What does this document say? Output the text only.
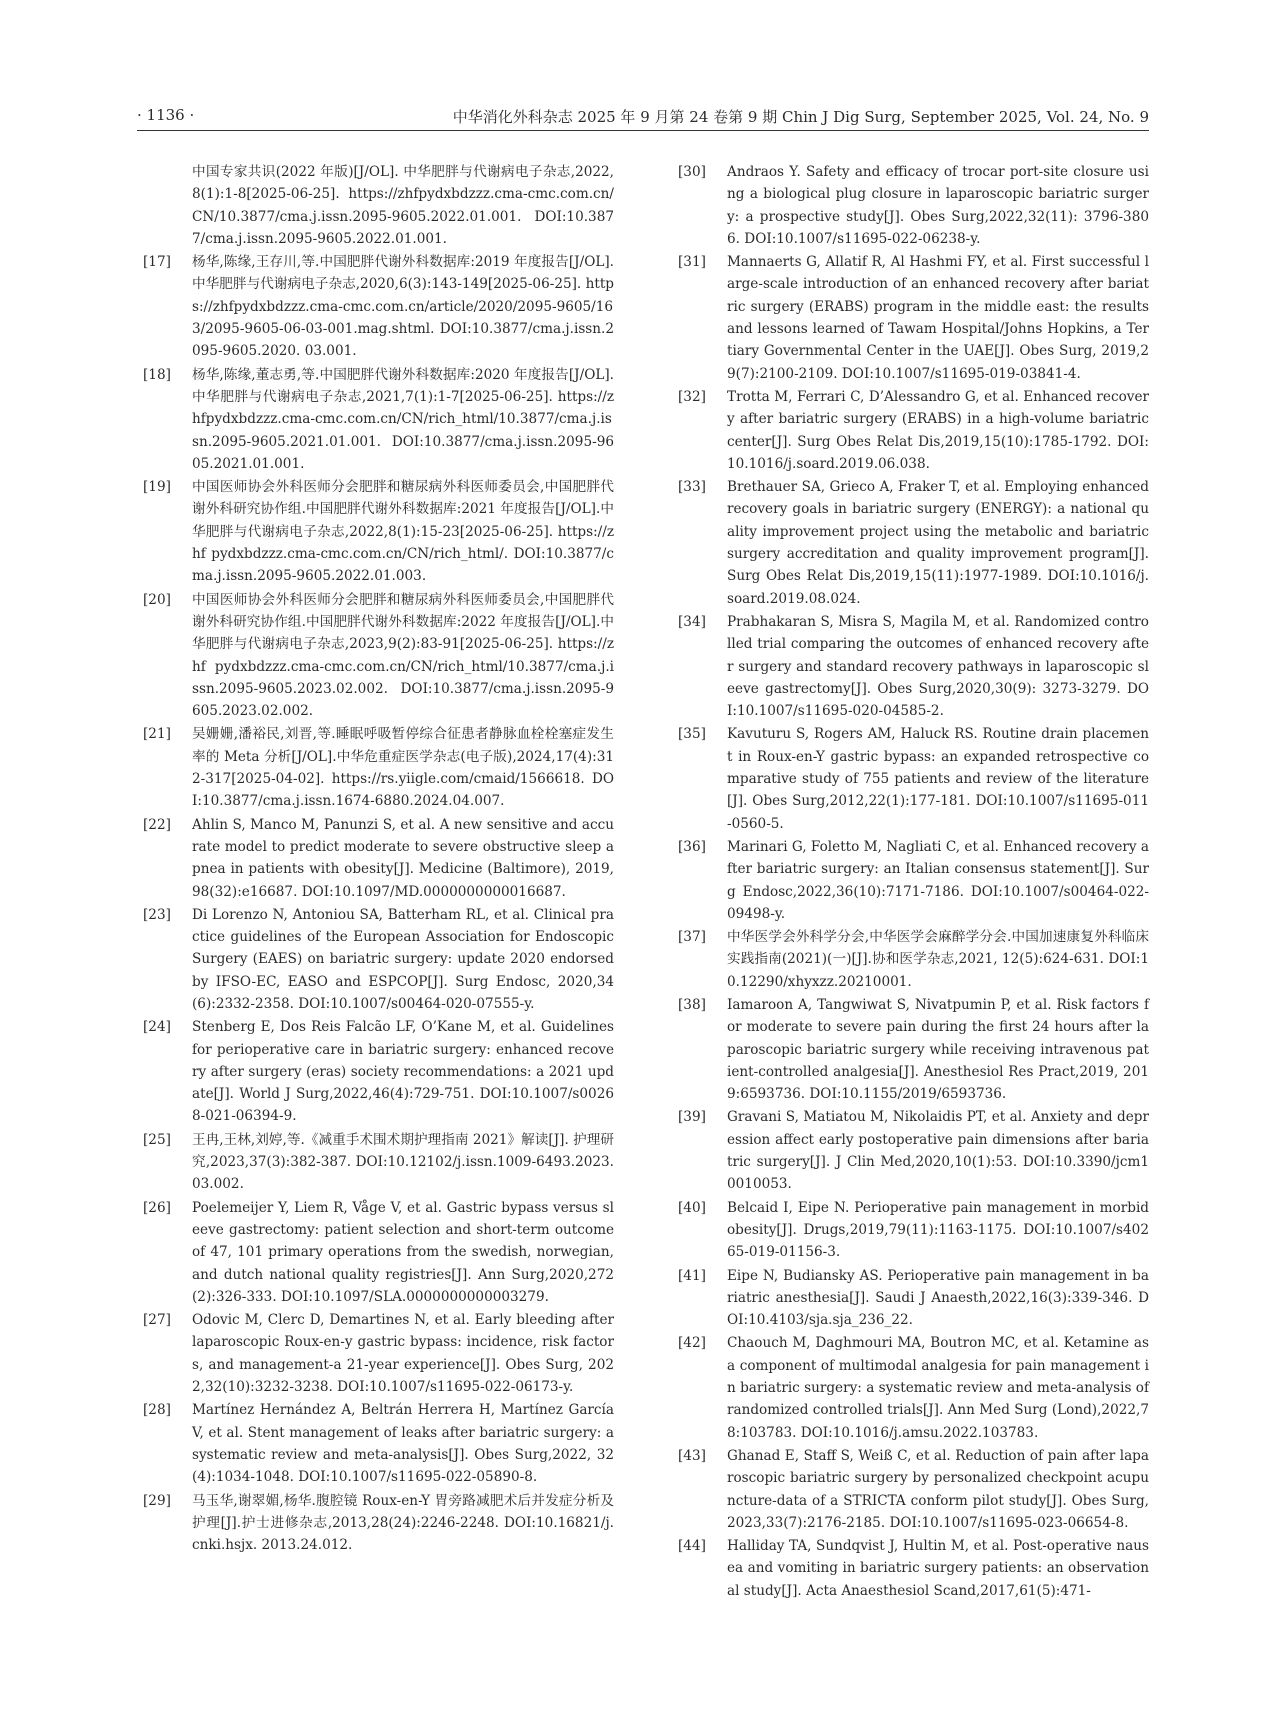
· 1136 ·	中华消化外科杂志 2025 年 9 月第 24 卷第 9 期 Chin J Dig Surg, September 2025, Vol. 24, No. 9
中国专家共识(2022 年版)[J/OL]. 中华肥胖与代谢病电子杂志,2022,8(1):1-8[2025-06-25]. https://zhfpydxbdzzz.cma-cmc.com.cn/CN/10.3877/cma.j.issn.2095-9605.2022.01.001. DOI:10.3877/cma.j.issn.2095-9605.2022.01.001.
[17] 杨华,陈缘,王存川,等.中国肥胖代谢外科数据库:2019 年度报告[J/OL]. 中华肥胖与代谢病电子杂志,2020,6(3):143-149[2025-06-25]. https://zhfpydxbdzzz.cma-cmc.com.cn/article/2020/2095-9605/163/2095-9605-06-03-001.mag.shtml. DOI:10.3877/cma.j.issn.2095-9605.2020. 03.001.
[18] 杨华,陈缘,董志勇,等.中国肥胖代谢外科数据库:2020 年度报告[J/OL]. 中华肥胖与代谢病电子杂志,2021,7(1):1-7[2025-06-25]. https://zhfpydxbdzzz.cma-cmc.com.cn/CN/rich_html/10.3877/cma.j.issn.2095-9605.2021.01.001. DOI:10.3877/cma.j.issn.2095-9605.2021.01.001.
[19] 中国医师协会外科医师分会肥胖和糖尿病外科医师委员会,中国肥胖代谢外科研究协作组.中国肥胖代谢外科数据库:2021 年度报告[J/OL].中华肥胖与代谢病电子杂志,2022,8(1):15-23[2025-06-25]. https://zhf pydxbdzzz.cma-cmc.com.cn/CN/rich_html/. DOI:10.3877/cma.j.issn.2095-9605.2022.01.003.
[20] 中国医师协会外科医师分会肥胖和糖尿病外科医师委员会,中国肥胖代谢外科研究协作组.中国肥胖代谢外科数据库:2022 年度报告[J/OL].中华肥胖与代谢病电子杂志,2023,9(2):83-91[2025-06-25]. https://zhf pydxbdzzz.cma-cmc.com.cn/CN/rich_html/10.3877/cma.j.issn.2095-9605.2023.02.002. DOI:10.3877/cma.j.issn.2095-9605.2023.02.002.
[21] 吴姗姗,潘裕民,刘晋,等.睡眠呼吸暂停综合征患者静脉血栓栓塞症发生率的 Meta 分析[J/OL].中华危重症医学杂志(电子版),2024,17(4):312-317[2025-04-02]. https://rs.yiigle.com/cmaid/1566618. DOI:10.3877/cma.j.issn.1674-6880.2024.04.007.
[22] Ahlin S, Manco M, Panunzi S, et al. A new sensitive and accurate model to predict moderate to severe obstructive sleep apnea in patients with obesity[J]. Medicine (Baltimore), 2019,98(32):e16687. DOI:10.1097/MD.0000000000016687.
[23] Di Lorenzo N, Antoniou SA, Batterham RL, et al. Clinical practice guidelines of the European Association for Endoscopic Surgery (EAES) on bariatric surgery: update 2020 endorsed by IFSO-EC, EASO and ESPCOP[J]. Surg Endosc, 2020,34(6):2332-2358. DOI:10.1007/s00464-020-07555-y.
[24] Stenberg E, Dos Reis Falcão LF, O’Kane M, et al. Guidelines for perioperative care in bariatric surgery: enhanced recovery after surgery (eras) society recommendations: a 2021 update[J]. World J Surg,2022,46(4):729-751. DOI:10.1007/s00268-021-06394-9.
[25] 王冉,王林,刘婷,等.《减重手术围术期护理指南 2021》解读[J]. 护理研究,2023,37(3):382-387. DOI:10.12102/j.issn.1009-6493.2023.03.002.
[26] Poelemeijer Y, Liem R, Våge V, et al. Gastric bypass versus sleeve gastrectomy: patient selection and short-term outcome of 47, 101 primary operations from the swedish, norwegian, and dutch national quality registries[J]. Ann Surg,2020,272(2):326-333. DOI:10.1097/SLA.0000000000003279.
[27] Odovic M, Clerc D, Demartines N, et al. Early bleeding after laparoscopic Roux-en-y gastric bypass: incidence, risk factors, and management-a 21-year experience[J]. Obes Surg, 2022,32(10):3232-3238. DOI:10.1007/s11695-022-06173-y.
[28] Martínez Hernández A, Beltrán Herrera H, Martínez García V, et al. Stent management of leaks after bariatric surgery: a systematic review and meta-analysis[J]. Obes Surg,2022, 32(4):1034-1048. DOI:10.1007/s11695-022-05890-8.
[29] 马玉华,谢翠媚,杨华.腹腔镜 Roux-en-Y 胃旁路减肥术后并发症分析及护理[J].护士进修杂志,2013,28(24):2246-2248. DOI:10.16821/j.cnki.hsjx. 2013.24.012.
[30] Andraos Y. Safety and efficacy of trocar port-site closure using a biological plug closure in laparoscopic bariatric surgery: a prospective study[J]. Obes Surg,2022,32(11): 3796-3806. DOI:10.1007/s11695-022-06238-y.
[31] Mannaerts G, Allatif R, Al Hashmi FY, et al. First successful large-scale introduction of an enhanced recovery after bariatric surgery (ERABS) program in the middle east: the results and lessons learned of Tawam Hospital/Johns Hopkins, a Tertiary Governmental Center in the UAE[J]. Obes Surg, 2019,29(7):2100-2109. DOI:10.1007/s11695-019-03841-4.
[32] Trotta M, Ferrari C, D’Alessandro G, et al. Enhanced recovery after bariatric surgery (ERABS) in a high-volume bariatric center[J]. Surg Obes Relat Dis,2019,15(10):1785-1792. DOI:10.1016/j.soard.2019.06.038.
[33] Brethauer SA, Grieco A, Fraker T, et al. Employing enhanced recovery goals in bariatric surgery (ENERGY): a national quality improvement project using the metabolic and bariatric surgery accreditation and quality improvement program[J]. Surg Obes Relat Dis,2019,15(11):1977-1989. DOI:10.1016/j.soard.2019.08.024.
[34] Prabhakaran S, Misra S, Magila M, et al. Randomized controlled trial comparing the outcomes of enhanced recovery after surgery and standard recovery pathways in laparoscopic sleeve gastrectomy[J]. Obes Surg,2020,30(9): 3273-3279. DOI:10.1007/s11695-020-04585-2.
[35] Kavuturu S, Rogers AM, Haluck RS. Routine drain placement in Roux-en-Y gastric bypass: an expanded retrospective comparative study of 755 patients and review of the literature[J]. Obes Surg,2012,22(1):177-181. DOI:10.1007/s11695-011-0560-5.
[36] Marinari G, Foletto M, Nagliati C, et al. Enhanced recovery after bariatric surgery: an Italian consensus statement[J]. Surg Endosc,2022,36(10):7171-7186. DOI:10.1007/s00464-022-09498-y.
[37] 中华医学会外科学分会,中华医学会麻醉学分会.中国加速康复外科临床实践指南(2021)(一)[J].协和医学杂志,2021, 12(5):624-631. DOI:10.12290/xhyxzz.20210001.
[38] Iamaroon A, Tangwiwat S, Nivatpumin P, et al. Risk factors for moderate to severe pain during the first 24 hours after laparoscopic bariatric surgery while receiving intravenous patient-controlled analgesia[J]. Anesthesiol Res Pract,2019, 2019:6593736. DOI:10.1155/2019/6593736.
[39] Gravani S, Matiatou M, Nikolaidis PT, et al. Anxiety and depression affect early postoperative pain dimensions after bariatric surgery[J]. J Clin Med,2020,10(1):53. DOI:10.3390/jcm10010053.
[40] Belcaid I, Eipe N. Perioperative pain management in morbid obesity[J]. Drugs,2019,79(11):1163-1175. DOI:10.1007/s40265-019-01156-3.
[41] Eipe N, Budiansky AS. Perioperative pain management in bariatric anesthesia[J]. Saudi J Anaesth,2022,16(3):339-346. DOI:10.4103/sja.sja_236_22.
[42] Chaouch M, Daghmouri MA, Boutron MC, et al. Ketamine as a component of multimodal analgesia for pain management in bariatric surgery: a systematic review and meta-analysis of randomized controlled trials[J]. Ann Med Surg (Lond),2022,78:103783. DOI:10.1016/j.amsu.2022.103783.
[43] Ghanad E, Staff S, Weiß C, et al. Reduction of pain after laparoscopic bariatric surgery by personalized checkpoint acupuncture-data of a STRICTA conform pilot study[J]. Obes Surg,2023,33(7):2176-2185. DOI:10.1007/s11695-023-06654-8.
[44] Halliday TA, Sundqvist J, Hultin M, et al. Post-operative nausea and vomiting in bariatric surgery patients: an observational study[J]. Acta Anaesthesiol Scand,2017,61(5):471-
